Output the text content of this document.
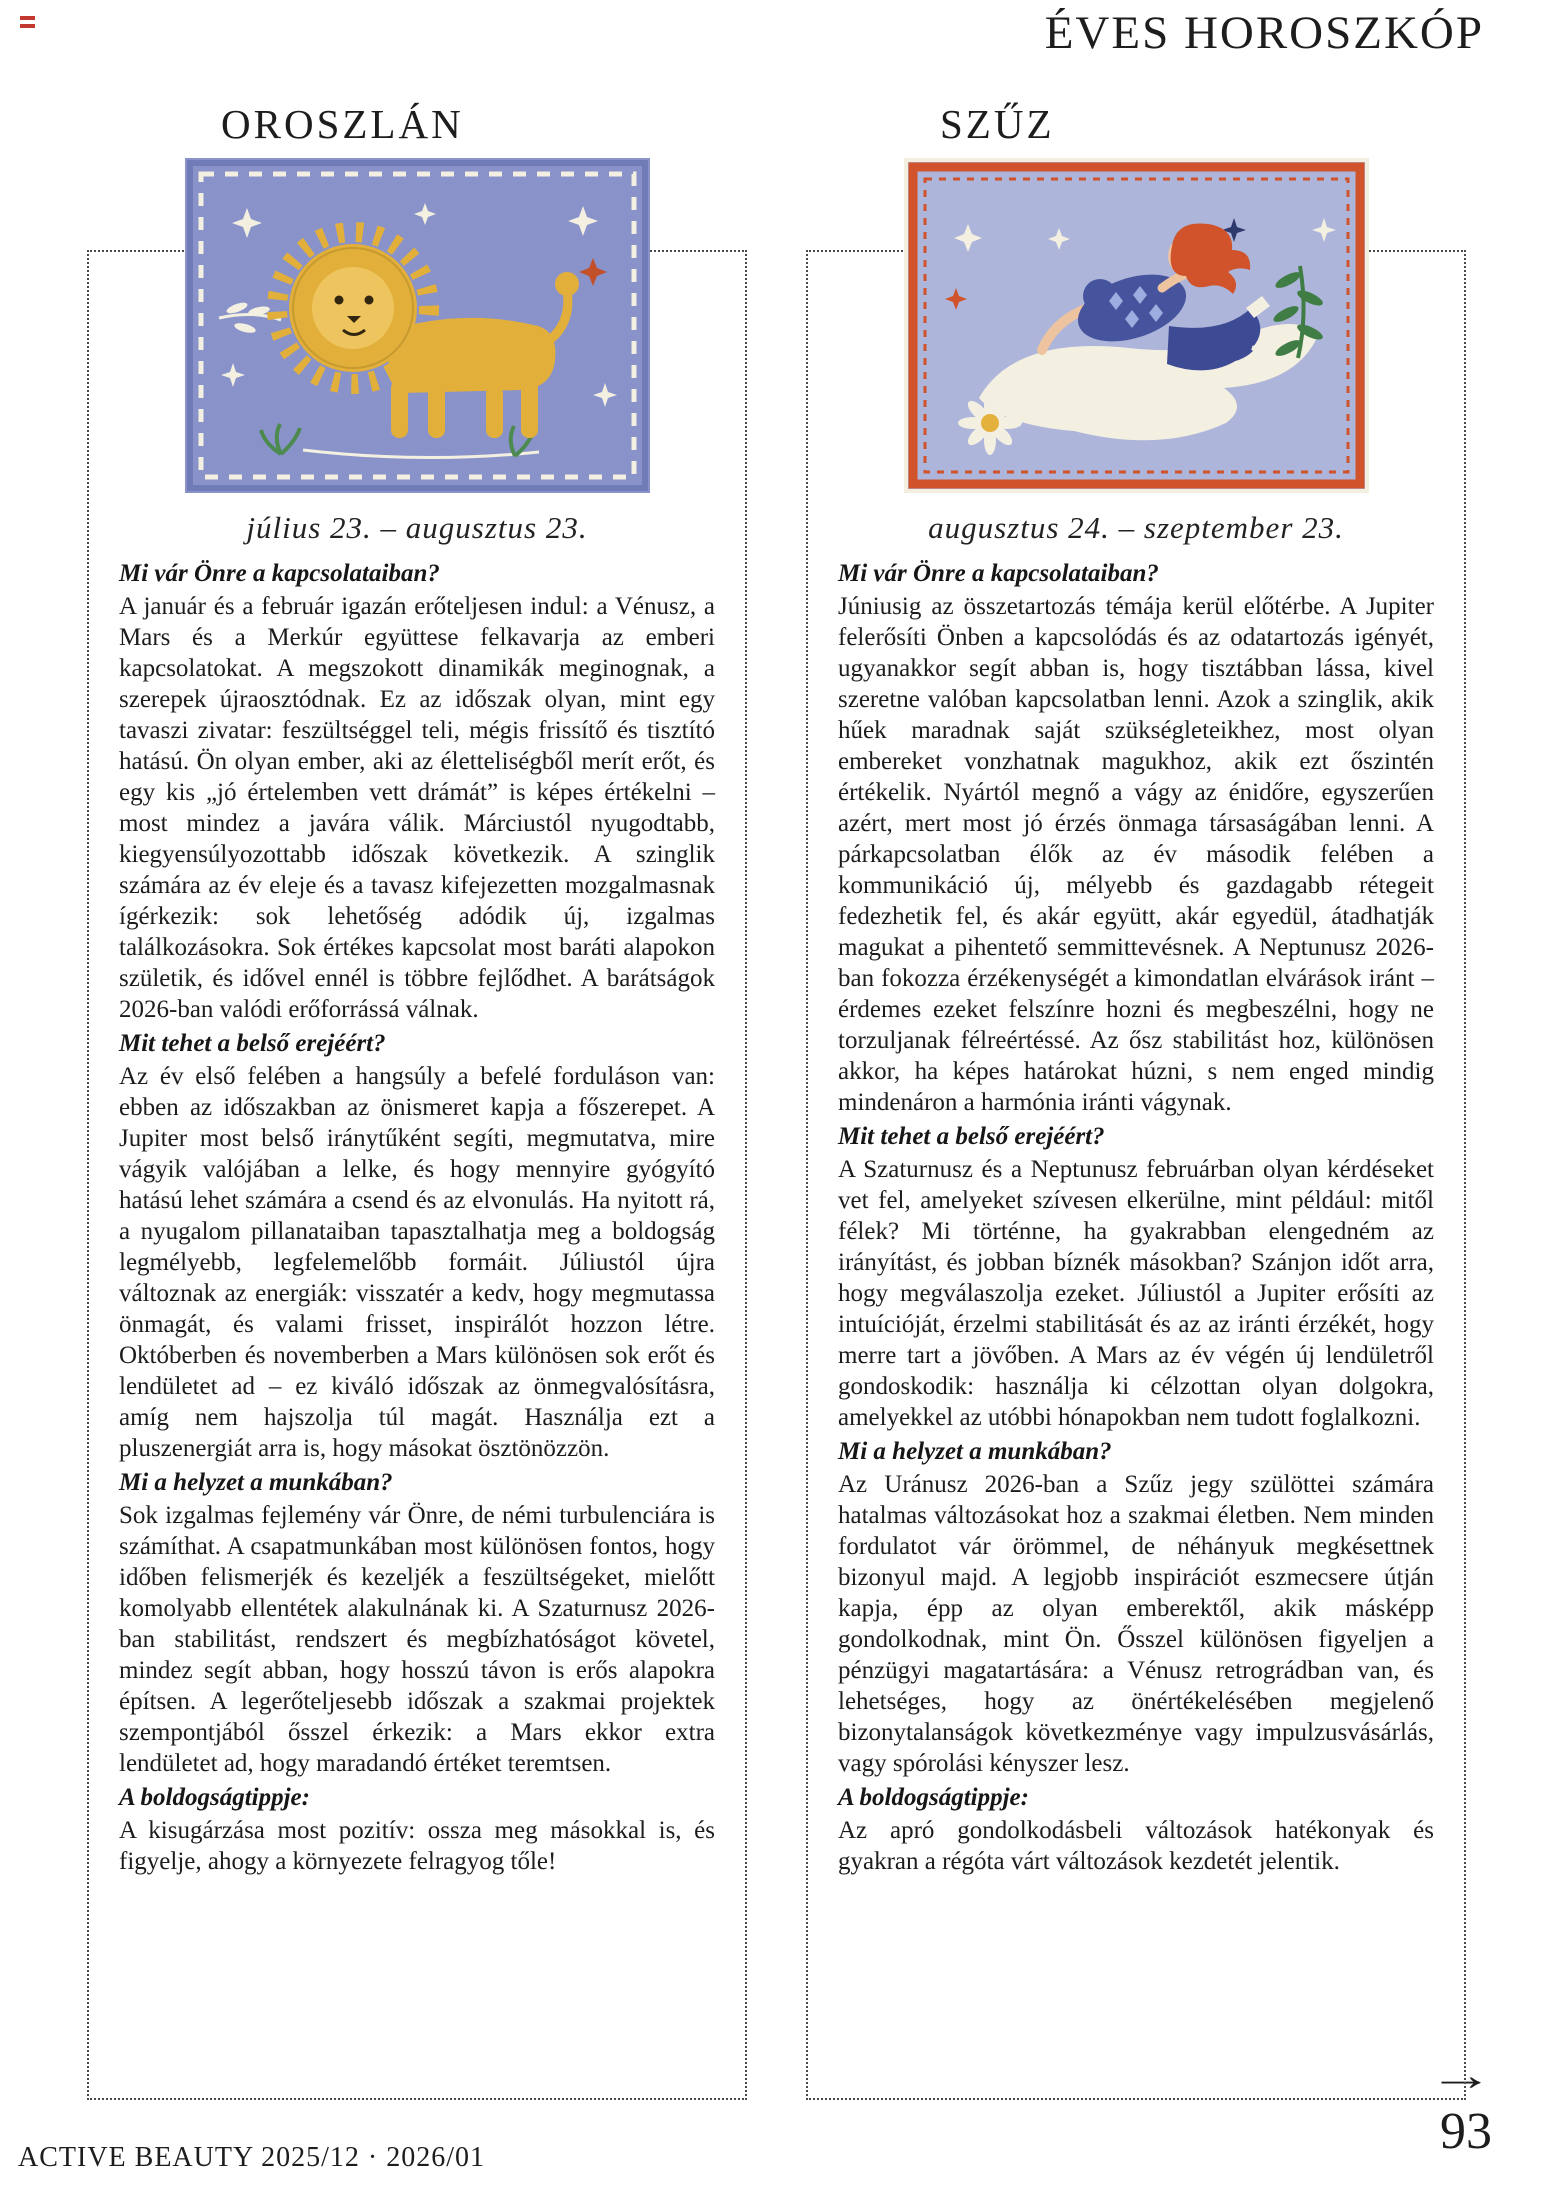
ÉVES HOROSZKÓP
OROSZLÁN
július 23. – augusztus 23.
Mi vár Önre a kapcsolataiban?

A január és a február igazán erőteljesen indul: a Vénusz, a Mars és a Merkúr együttese felkavarja az emberi kapcsolatokat. A megszokott dinamikák meginognak, a szerepek újraosztódnak. Ez az időszak olyan, mint egy tavaszi zivatar: feszültséggel teli, mégis frissítő és tisztító hatású. Ön olyan ember, aki az életteliségből merít erőt, és egy kis „jó értelemben vett drámát” is képes értékelni – most mindez a javára válik. Márciustól nyugodtabb, kiegyensúlyozottabb időszak következik. A szinglik számára az év eleje és a tavasz kifejezetten mozgalmasnak ígérkezik: sok lehetőség adódik új, izgalmas találkozásokra. Sok értékes kapcsolat most baráti alapokon születik, és idővel ennél is többre fejlődhet. A barátságok 2026-ban valódi erőforrássá válnak.

Mit tehet a belső erejéért?

Az év első felében a hangsúly a befelé forduláson van: ebben az időszakban az önismeret kapja a főszerepet. A Jupiter most belső iránytűként segíti, megmutatva, mire vágyik valójában a lelke, és hogy mennyire gyógyító hatású lehet számára a csend és az elvonulás. Ha nyitott rá, a nyugalom pillanataiban tapasztalhatja meg a boldogság legmélyebb, legfelemelőbb formáit. Júliustól újra változnak az energiák: visszatér a kedv, hogy megmutassa önmagát, és valami frisset, inspirálót hozzon létre. Októberben és novemberben a Mars különösen sok erőt és lendületet ad – ez kiváló időszak az önmegvalósításra, amíg nem hajszolja túl magát. Használja ezt a pluszenergiát arra is, hogy másokat ösztönözzön.

Mi a helyzet a munkában?

Sok izgalmas fejlemény vár Önre, de némi turbulenciára is számíthat. A csapatmunkában most különösen fontos, hogy időben felismerjék és kezeljék a feszültségeket, mielőtt komolyabb ellentétek alakulnának ki. A Szaturnusz 2026-ban stabilitást, rendszert és megbízhatóságot követel, mindez segít abban, hogy hosszú távon is erős alapokra építsen. A legerőteljesebb időszak a szakmai projektek szempontjából ősszel érkezik: a Mars ekkor extra lendületet ad, hogy maradandó értéket teremtsen.

A boldogságtippje:

A kisugárzása most pozitív: ossza meg másokkal is, és figyelje, ahogy a környezete felragyog tőle!

SZŰZ
augusztus 24. – szeptember 23.
Mi vár Önre a kapcsolataiban?

Júniusig az összetartozás témája kerül előtérbe. A Jupiter felerősíti Önben a kapcsolódás és az odatartozás igényét, ugyanakkor segít abban is, hogy tisztábban lássa, kivel szeretne valóban kapcsolatban lenni. Azok a szinglik, akik hűek maradnak saját szükségleteikhez, most olyan embereket vonzhatnak magukhoz, akik ezt őszintén értékelik. Nyártól megnő a vágy az énidőre, egyszerűen azért, mert most jó érzés önmaga társaságában lenni. A párkapcsolatban élők az év második felében a kommunikáció új, mélyebb és gazdagabb rétegeit fedezhetik fel, és akár együtt, akár egyedül, átadhatják magukat a pihentető semmittevésnek. A Neptunusz 2026-ban fokozza érzékenységét a kimondatlan elvárások iránt – érdemes ezeket felszínre hozni és megbeszélni, hogy ne torzuljanak félreértéssé. Az ősz stabilitást hoz, különösen akkor, ha képes határokat húzni, s nem enged mindig mindenáron a harmónia iránti vágynak.

Mit tehet a belső erejéért?

A Szaturnusz és a Neptunusz februárban olyan kérdéseket vet fel, amelyeket szívesen elkerülne, mint például: mitől félek? Mi történne, ha gyakrabban elengedném az irányítást, és jobban bíznék másokban? Szánjon időt arra, hogy megválaszolja ezeket. Júliustól a Jupiter erősíti az intuícióját, érzelmi stabilitását és az az iránti érzékét, hogy merre tart a jövőben. A Mars az év végén új lendületről gondoskodik: használja ki célzottan olyan dolgokra, amelyekkel az utóbbi hónapokban nem tudott foglalkozni.

Mi a helyzet a munkában?

Az Uránusz 2026-ban a Szűz jegy szülöttei számára hatalmas változásokat hoz a szakmai életben. Nem minden fordulatot vár örömmel, de néhányuk megkésettnek bizonyul majd. A legjobb inspirációt eszmecsere útján kapja, épp az olyan emberektől, akik másképp gondolkodnak, mint Ön. Ősszel különösen figyeljen a pénzügyi magatartására: a Vénusz retrográdban van, és lehetséges, hogy az önértékelésében megjelenő bizonytalanságok következménye vagy impulzusvásárlás, vagy spórolási kényszer lesz.

A boldogságtippje:

Az apró gondolkodásbeli változások hatékonyak és gyakran a régóta várt változások kezdetét jelentik.

ACTIVE BEAUTY 2025/12 · 2026/01
→
93
